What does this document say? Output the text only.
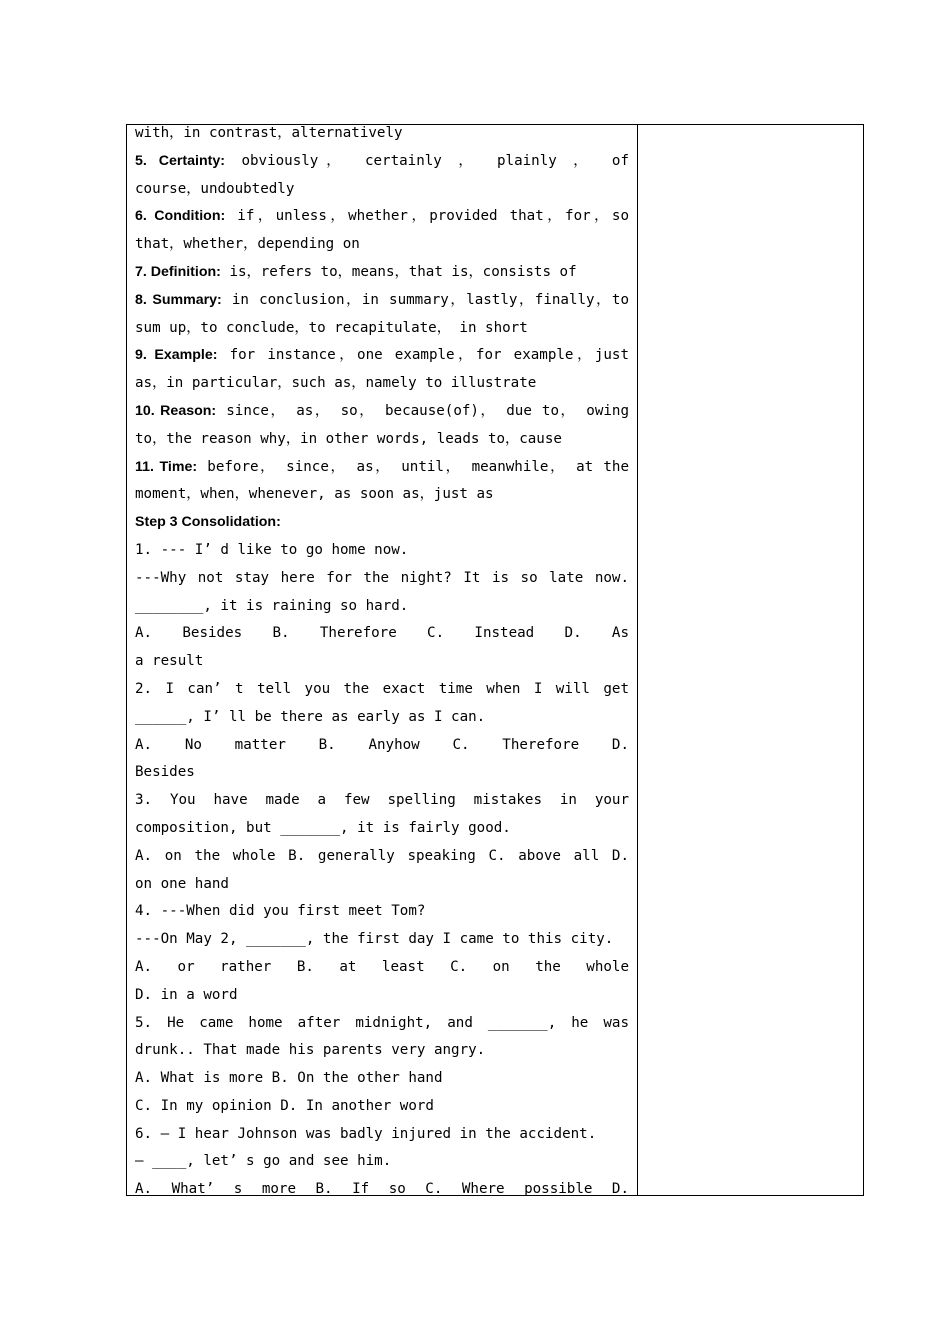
with，in contrast，alternatively
5. Certainty: obviously， certainly ， plainly ， of
course，undoubtedly
6. Condition: if，unless，whether，provided that，for，so
that，whether，depending on
7. Definition: is，refers to，means，that is，consists of
8. Summary: in conclusion，in summary，lastly，finally，to
sum up，to conclude，to recapitulate， in short
9. Example: for instance，one example，for example，just
as，in particular，such as，namely to illustrate
10. Reason: since， as， so， because(of)， due to， owing
to，the reason why，in other words, leads to，cause
11. Time: before， since， as， until， meanwhile， at the
moment，when，whenever, as soon as，just as
Step 3 Consolidation:
1. --- I’ d like to go home now.
---Why not stay here for the night? It is so late now.
________, it is raining so hard.
A. Besides B. Therefore C. Instead D. As
a result
2. I can’ t tell you the exact time when I will get
______, I’ ll be there as early as I can.
A. No matter B. Anyhow C. Therefore D.
Besides
3. You have made a few spelling mistakes in your
composition, but _______, it is fairly good.
A. on the whole B. generally speaking C. above all D.
on one hand
4. ---When did you first meet Tom?
---On May 2, _______, the first day I came to this city.
A. or rather B. at least C. on the whole
D. in a word
5. He came home after midnight, and _______, he was
drunk.. That made his parents very angry.
A. What is more B. On the other hand
C. In my opinion D. In another word
6. — I hear Johnson was badly injured in the accident.
— ____, let’ s go and see him.
A. What’ s more B. If so C. Where possible D.
